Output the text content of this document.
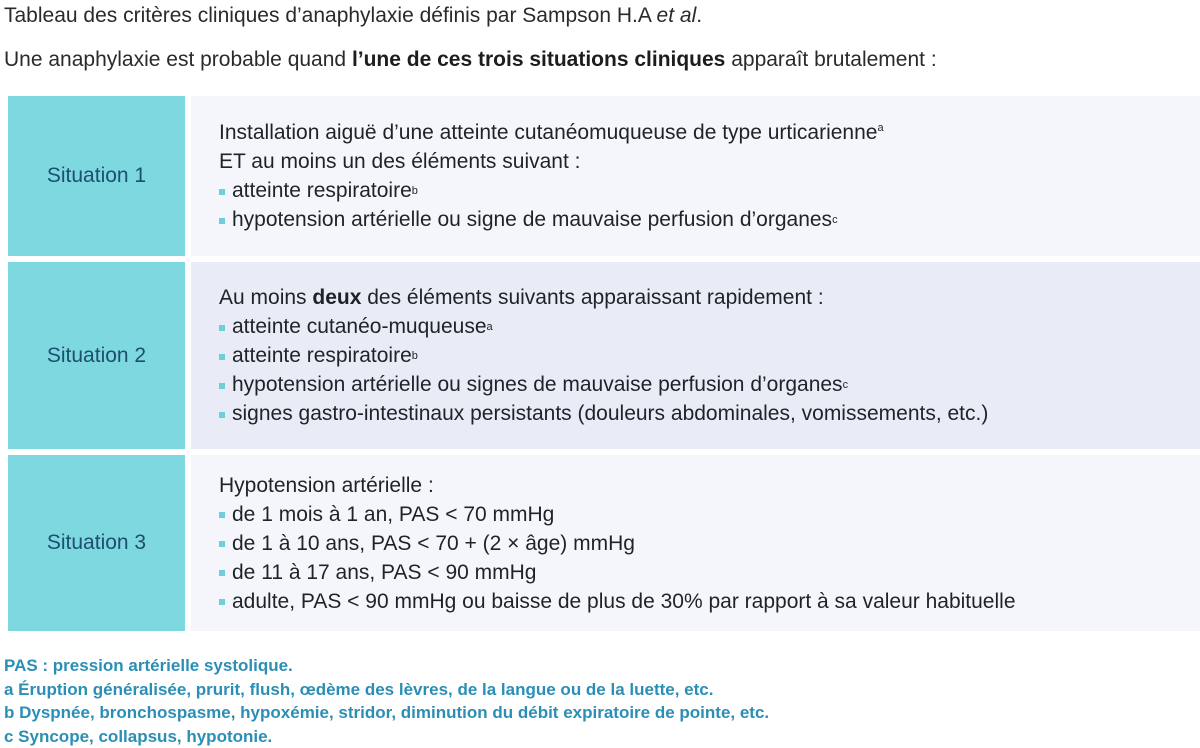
Tableau des critères cliniques d’anaphylaxie définis par Sampson H.A et al.
Une anaphylaxie est probable quand l’une de ces trois situations cliniques apparaît brutalement :
Situation 1
Installation aiguë d’une atteinte cutanéomuqueuse de type urticarienne$^a$
ET au moins un des éléments suivant :
atteinte respiratoire b
hypotension artérielle ou signe de mauvaise perfusion d’organes c
Situation 2
Au moins deux des éléments suivants apparaissant rapidement :
atteinte cutanéo-muqueuse a
atteinte respiratoire b
hypotension artérielle ou signes de mauvaise perfusion d’organes c
signes gastro-intestinaux persistants (douleurs abdominales, vomissements, etc.)
Situation 3
Hypotension artérielle :
de 1 mois à 1 an, PAS < 70 mmHg
de 1 à 10 ans, PAS < 70 + (2 × âge) mmHg
de 11 à 17 ans, PAS < 90 mmHg
adulte, PAS < 90 mmHg ou baisse de plus de 30% par rapport à sa valeur habituelle
PAS : pression artérielle systolique.
a Éruption généralisée, prurit, flush, œdème des lèvres, de la langue ou de la luette, etc.
b Dyspnée, bronchospasme, hypoxémie, stridor, diminution du débit expiratoire de pointe, etc.
c Syncope, collapsus, hypotonie.
